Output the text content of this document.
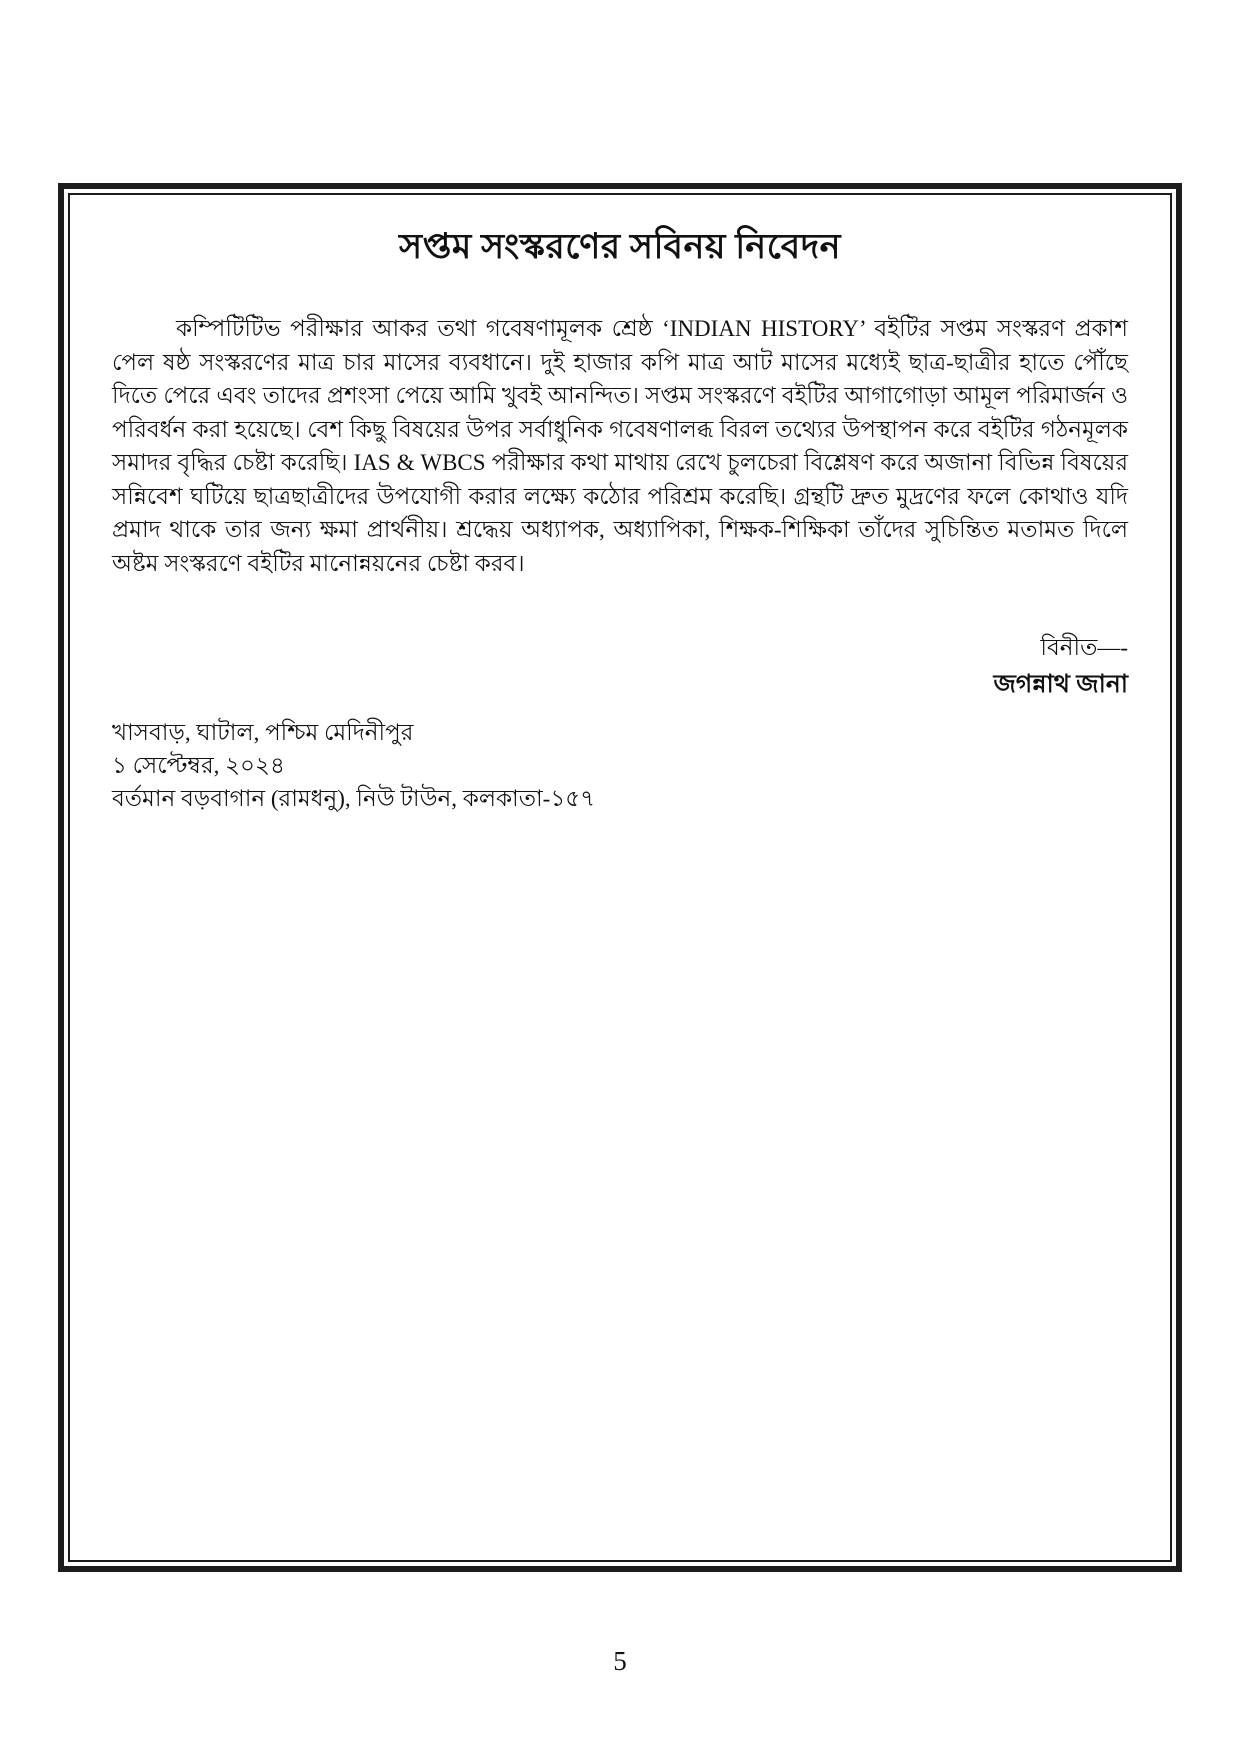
সপ্তম সংস্করণের সবিনয় নিবেদন

কম্পিটিটিভ পরীক্ষার আকর তথা গবেষণামূলক শ্রেষ্ঠ ‘INDIAN HISTORY’ বইটির সপ্তম সংস্করণ প্রকাশ পেল ষষ্ঠ সংস্করণের মাত্র চার মাসের ব্যবধানে। দুই হাজার কপি মাত্র আট মাসের মধ্যেই ছাত্র-ছাত্রীর হাতে পৌঁছে দিতে পেরে এবং তাদের প্রশংসা পেয়ে আমি খুবই আনন্দিত। সপ্তম সংস্করণে বইটির আগাগোড়া আমূল পরিমার্জন ও পরিবর্ধন করা হয়েছে। বেশ কিছু বিষয়ের উপর সর্বাধুনিক গবেষণালব্ধ বিরল তথ্যের উপস্থাপন করে বইটির গঠনমূলক সমাদর বৃদ্ধির চেষ্টা করেছি। IAS & WBCS পরীক্ষার কথা মাথায় রেখে চুলচেরা বিশ্লেষণ করে অজানা বিভিন্ন বিষয়ের সন্নিবেশ ঘটিয়ে ছাত্রছাত্রীদের উপযোগী করার লক্ষ্যে কঠোর পরিশ্রম করেছি। গ্রন্থটি দ্রুত মুদ্রণের ফলে কোথাও যদি প্রমাদ থাকে তার জন্য ক্ষমা প্রার্থনীয়। শ্রদ্ধেয় অধ্যাপক, অধ্যাপিকা, শিক্ষক-শিক্ষিকা তাঁদের সুচিন্তিত মতামত দিলে অষ্টম সংস্করণে বইটির মানোন্নয়নের চেষ্টা করব।

বিনীত—-
জগন্নাথ জানা
খাসবাড়, ঘাটাল, পশ্চিম মেদিনীপুর
১ সেপ্টেম্বর, ২০২৪
বর্তমান বড়বাগান (রামধনু), নিউ টাউন, কলকাতা-১৫৭
5
